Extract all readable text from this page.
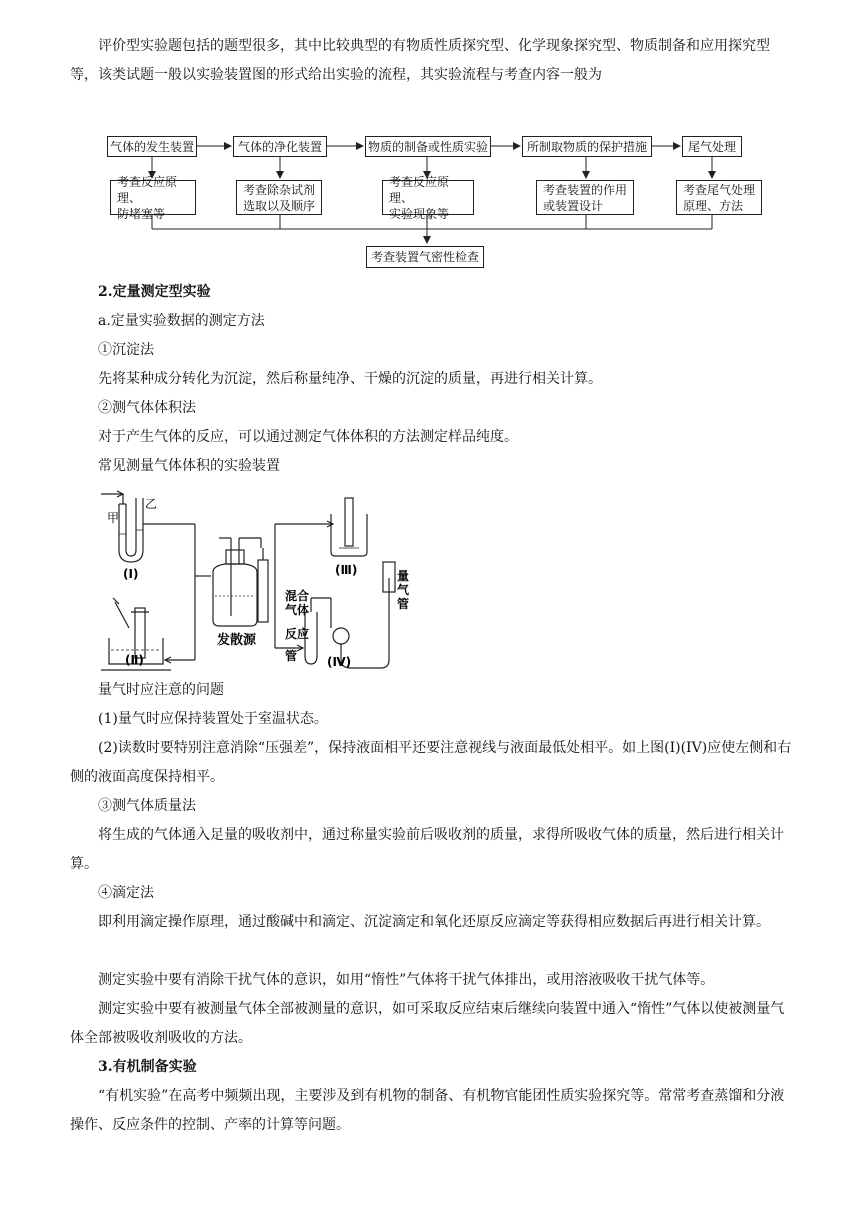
评价型实验题包括的题型很多，其中比较典型的有物质性质探究型、化学现象探究型、物质制备和应用探究型等，该类试题一般以实验装置图的形式给出实验的流程，其实验流程与考查内容一般为

气体的发生装置	气体的净化装置	物质的制备或性质实验	所制取物质的保护措施	尾气处理
考查反应原理、
防堵塞等
考查除杂试剂
选取以及顺序
考查反应原理、
实验现象等
考查装置的作用
或装置设计
考查尾气处理
原理、方法
考查装置气密性检查

2.定量测定型实验

a.定量实验数据的测定方法

①沉淀法

先将某种成分转化为沉淀，然后称量纯净、干燥的沉淀的质量，再进行相关计算。

②测气体体积法

对于产生气体的反应，可以通过测定气体体积的方法测定样品纯度。

常见测量气体体积的实验装置

甲
乙
(Ⅰ)
(Ⅱ)
(Ⅲ)
(Ⅳ)
发散源
混合
气体
反应
管
量
气
管

量气时应注意的问题

(1)量气时应保持装置处于室温状态。

(2)读数时要特别注意消除“压强差”，保持液面相平还要注意视线与液面最低处相平。如上图(I)(IV)应使左侧和右侧的液面高度保持相平。

③测气体质量法

将生成的气体通入足量的吸收剂中，通过称量实验前后吸收剂的质量，求得所吸收气体的质量，然后进行相关计算。

④滴定法

即利用滴定操作原理，通过酸碱中和滴定、沉淀滴定和氧化还原反应滴定等获得相应数据后再进行相关计算。

测定实验中要有消除干扰气体的意识，如用“惰性”气体将干扰气体排出，或用溶液吸收干扰气体等。

测定实验中要有被测量气体全部被测量的意识，如可采取反应结束后继续向装置中通入“惰性”气体以使被测量气体全部被吸收剂吸收的方法。

3.有机制备实验

“有机实验”在高考中频频出现，主要涉及到有机物的制备、有机物官能团性质实验探究等。常常考查蒸馏和分液操作、反应条件的控制、产率的计算等问题。
